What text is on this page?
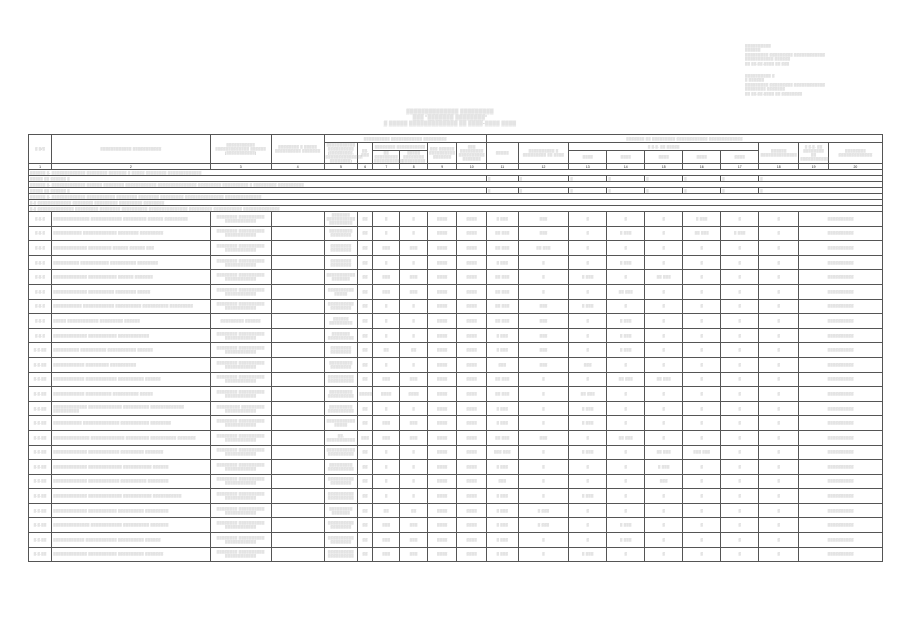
▒▒▒▒▒▒▒▒▒▒
▒▒▒▒▒▒
▒▒▒▒▒▒▒▒▒ ▒▒▒▒▒▒▒▒▒ ▒▒▒▒▒▒▒▒▒▒▒▒
▒▒▒▒▒▒▒▒▒▒▒ ▒▒▒▒▒▒
▒▒ ▒▒.▒▒.▒▒▒▒ ▒▒ ▒▒▒
▒▒▒▒▒▒▒▒▒▒ ▒
▒ ▒▒▒▒▒▒
▒▒▒▒▒▒▒▒▒ ▒▒▒▒▒▒▒▒▒ ▒▒▒▒▒▒▒▒▒▒▒▒
▒▒▒▒▒▒▒▒ ▒▒▒▒▒▒▒
▒▒ ▒▒.▒▒.▒▒▒▒ ▒▒ ▒▒▒▒▒▒▒▒
▒▒▒▒▒▒▒▒▒▒▒▒▒▒ ▒▒▒▒▒▒▒▒▒
▒▒▒ "▒▒▒▒▒▒▒ ▒▒▒▒▒▒▒▒"
▒ ▒▒▒▒▒ ▒▒▒▒▒▒▒▒▒▒▒▒▒ ▒▒ ▒▒▒▒-▒▒▒▒ ▒▒▒▒
▒ ▒/▒	▒▒▒▒▒▒▒▒▒▒▒▒ ▒▒▒▒▒▒▒▒▒▒▒	▒▒▒▒▒▒▒▒▒▒▒ ▒▒▒▒▒▒▒▒▒▒▒▒▒ ▒▒▒▒▒▒ (▒▒▒▒▒▒▒▒▒▒▒)	▒▒▒▒▒▒▒▒ ▒ ▒▒▒▒▒ ▒▒▒▒▒▒▒▒▒▒ ▒▒▒▒▒▒▒	▒▒▒▒▒▒▒▒▒▒ ▒▒▒▒▒▒▒▒▒▒▒▒ ▒▒▒▒▒▒▒▒▒						▒▒▒▒▒▒▒ ▒▒ ▒▒▒▒▒▒▒▒▒ ▒▒▒▒▒▒▒▒▒▒▒▒ ▒▒▒▒▒▒▒▒▒▒▒▒▒									
				▒▒▒▒▒▒▒▒▒▒▒ ▒▒▒▒▒▒▒▒▒▒ (▒▒▒▒▒▒▒▒▒, ▒▒▒▒▒▒▒▒▒▒▒▒▒▒, ▒▒▒▒▒▒▒▒)	▒▒. ▒▒▒	▒▒▒▒▒▒▒▒ ▒▒▒▒▒▒▒▒▒▒▒		▒▒▒ ▒▒▒▒▒▒ ▒▒▒▒▒▒▒▒▒▒ ▒▒▒▒▒▒▒	▒▒▒ ▒▒▒▒▒▒▒▒▒ ▒▒▒▒▒▒▒▒▒▒ ▒▒▒▒▒▒▒	▒▒▒▒▒	▒▒▒▒▒▒▒▒▒▒ ▒ ▒▒▒▒▒▒▒▒▒ ▒▒ ▒▒▒▒	▒ ▒.▒. ▒▒ ▒▒▒▒▒					▒▒▒▒▒▒ ▒▒▒▒▒▒▒▒▒▒▒▒▒▒	▒ ▒.▒. ▒▒ ▒▒▒▒▒▒▒▒ ▒▒ ▒▒▒▒▒▒▒▒▒▒▒	▒▒▒▒▒▒▒▒ ▒▒▒▒▒▒▒▒▒▒▒▒▒
						▒▒ ▒▒▒▒▒▒▒▒▒ ▒▒▒▒▒▒▒▒▒▒▒	▒▒▒▒▒ ▒▒▒▒▒▒▒▒ ▒▒▒▒▒▒▒▒▒					▒▒▒▒	▒▒▒▒	▒▒▒▒	▒▒▒▒	▒▒▒▒			
1	2	3	4	5	6	7	8	9	10	11	12	13	14	15	16	17	18	19	20
▒▒▒▒▒▒ ▒. ▒▒▒▒▒▒▒▒▒▒▒▒▒ ▒▒▒▒▒▒▒▒ ▒▒▒▒▒▒▒ ▒ ▒▒▒▒▒ ▒▒▒▒▒▒▒▒ ▒▒▒▒▒▒▒▒▒▒▒▒▒																			
▒▒▒▒▒ ▒▒ ▒▒▒▒▒▒ ▒										▒	▒	▒	▒	▒	▒	▒	▒		
▒▒▒▒▒▒ ▒. ▒▒▒▒▒▒▒▒▒▒▒▒▒ ▒▒▒▒▒▒ ▒▒▒▒▒▒▒▒ ▒▒▒▒▒▒▒▒▒▒▒▒ ▒▒▒▒▒▒▒▒▒▒▒▒▒▒▒ ▒▒▒▒▒▒▒▒▒ ▒▒▒▒▒▒▒▒▒▒ ▒ ▒▒▒▒▒▒▒▒▒ ▒▒▒▒▒▒▒▒▒▒																			
▒▒▒▒▒ ▒▒ ▒▒▒▒▒▒ ▒										▒	▒	▒	▒	▒	▒	▒	▒		
▒▒▒▒▒▒ ▒. ▒▒▒▒▒▒▒▒▒▒▒▒▒ ▒▒▒▒▒▒▒▒▒▒▒ ▒▒▒▒▒▒▒▒ ▒▒▒▒▒▒▒▒ ▒▒▒▒▒▒▒▒▒ ▒▒▒▒▒▒▒▒▒▒▒▒▒▒▒ ▒▒▒▒▒▒▒▒▒▒▒▒▒▒																			
▒.▒ ▒▒▒▒▒▒▒▒▒▒▒▒▒ ▒▒▒▒▒▒▒▒ ▒▒▒▒▒▒▒▒▒ ▒▒▒▒▒▒▒▒▒ ▒▒▒▒▒▒▒▒																			
▒.▒ ▒▒▒▒▒▒▒▒▒▒▒▒▒▒ ▒▒▒▒▒▒▒▒▒ ▒▒▒▒▒▒▒▒ ▒▒▒▒▒▒▒▒▒▒ ▒▒▒▒▒▒▒▒▒▒▒▒▒▒▒ ▒▒▒▒▒▒▒▒▒ ▒▒▒▒▒▒▒▒▒▒▒ ▒▒▒▒▒▒▒▒▒▒▒▒▒▒																			
▒.▒.▒	▒▒▒▒▒▒▒▒▒▒▒▒▒▒ ▒▒▒▒▒▒▒▒▒▒▒▒ ▒▒▒▒▒▒▒▒▒ ▒▒▒▒▒▒ ▒▒▒▒▒▒▒▒▒	▒▒▒▒▒▒▒▒ ▒▒▒▒▒▒▒▒▒▒ ▒▒▒▒▒▒▒▒▒▒▒▒		▒▒▒▒▒▒▒ ▒▒▒▒▒▒▒▒▒▒▒ ▒▒▒▒▒▒▒▒▒	▒▒	▒	▒	▒▒▒▒	▒▒▒▒	▒ ▒▒▒	▒▒▒	▒	▒	▒	▒ ▒▒▒	▒	▒	▒▒▒▒▒▒▒▒▒▒	
▒.▒.▒	▒▒▒▒▒▒▒▒▒▒▒ ▒▒▒▒▒▒▒▒▒▒▒▒▒ ▒▒▒▒▒▒▒▒ ▒▒▒▒▒▒▒▒▒	▒▒▒▒▒▒▒▒ ▒▒▒▒▒▒▒▒▒▒ ▒▒▒▒▒▒▒▒▒▒▒▒		▒▒▒▒▒▒▒▒▒ ▒▒▒▒▒▒▒▒	▒▒	▒	▒	▒▒▒▒	▒▒▒▒	▒▒ ▒▒▒	▒▒▒	▒	▒ ▒▒▒	▒	▒▒ ▒▒▒	▒ ▒▒▒	▒	▒▒▒▒▒▒▒▒▒▒	
▒.▒.▒	▒▒▒▒▒▒▒▒▒▒▒▒▒ ▒▒▒▒▒▒▒▒▒ ▒▒▒▒▒▒ ▒▒▒▒▒▒ ▒▒▒	▒▒▒▒▒▒▒▒ ▒▒▒▒▒▒▒▒▒▒ ▒▒▒▒▒▒▒▒▒▒▒▒		▒▒▒▒▒▒▒▒ ▒▒▒▒▒▒▒▒	▒▒	▒▒▒	▒▒▒	▒▒▒▒	▒▒▒▒	▒▒ ▒▒▒	▒▒ ▒▒▒	▒	▒	▒	▒	▒	▒	▒▒▒▒▒▒▒▒▒▒	
▒.▒.▒	▒▒▒▒▒▒▒▒▒▒ ▒▒▒▒▒▒▒▒▒▒▒ ▒▒▒▒▒▒▒▒▒▒ ▒▒▒▒▒▒▒▒	▒▒▒▒▒▒▒▒ ▒▒▒▒▒▒▒▒▒▒ ▒▒▒▒▒▒▒▒▒▒▒▒		▒▒▒▒▒▒▒▒ ▒▒▒▒▒▒▒▒	▒▒	▒	▒	▒▒▒▒	▒▒▒▒	▒ ▒▒▒	▒	▒	▒ ▒▒▒	▒	▒	▒	▒	▒▒▒▒▒▒▒▒▒▒	
▒.▒.▒	▒▒▒▒▒▒▒▒▒▒▒▒▒ ▒▒▒▒▒▒▒▒▒▒▒ ▒▒▒▒▒▒ ▒▒▒▒▒▒▒	▒▒▒▒▒▒▒▒ ▒▒▒▒▒▒▒▒▒▒ ▒▒▒▒▒▒▒▒▒▒▒▒		▒▒▒▒▒▒▒▒▒▒▒ ▒▒▒▒▒▒▒	▒▒	▒▒▒	▒▒▒	▒▒▒▒	▒▒▒▒	▒▒ ▒▒▒	▒	▒ ▒▒▒	▒	▒▒ ▒▒▒	▒	▒	▒	▒▒▒▒▒▒▒▒▒▒	
▒.▒.▒	▒▒▒▒▒▒▒▒▒▒▒▒▒ ▒▒▒▒▒▒▒▒▒▒ ▒▒▒▒▒▒▒▒ ▒▒▒▒▒	▒▒▒▒▒▒▒▒ ▒▒▒▒▒▒▒▒▒▒ ▒▒▒▒▒▒▒▒▒▒▒▒		▒▒▒▒▒▒▒▒▒▒ ▒▒▒▒▒	▒▒	▒▒▒	▒▒▒	▒▒▒▒	▒▒▒▒	▒▒ ▒▒▒	▒	▒	▒▒ ▒▒▒	▒	▒	▒	▒	▒▒▒▒▒▒▒▒▒▒	
▒.▒.▒	▒▒▒▒▒▒▒▒▒▒▒ ▒▒▒▒▒▒▒▒▒▒▒▒ ▒▒▒▒▒▒▒▒▒▒ ▒▒▒▒▒▒▒▒▒▒ ▒▒▒▒▒▒▒▒▒	▒▒▒▒▒▒▒▒ ▒▒▒▒▒▒▒▒▒▒ ▒▒▒▒▒▒▒▒▒▒▒▒		▒▒▒▒▒▒▒▒▒▒ ▒▒▒▒▒▒▒▒	▒▒	▒	▒	▒▒▒▒	▒▒▒▒	▒▒ ▒▒▒	▒▒▒	▒ ▒▒▒	▒	▒	▒	▒	▒	▒▒▒▒▒▒▒▒▒▒	
▒.▒.▒	▒▒▒▒▒ ▒▒▒▒▒▒▒▒▒▒▒▒ ▒▒▒▒▒▒▒▒▒ ▒▒▒▒▒▒	▒▒▒▒▒▒▒▒▒ ▒▒▒▒▒▒		▒▒▒▒▒▒ ▒▒▒▒▒▒▒▒▒	▒▒	▒	▒	▒▒▒▒	▒▒▒▒	▒▒ ▒▒▒	▒▒▒	▒	▒ ▒▒▒	▒	▒	▒	▒	▒▒▒▒▒▒▒▒▒▒	
▒.▒.▒	▒▒▒▒▒▒▒▒▒▒▒▒▒ ▒▒▒▒▒▒▒▒▒▒▒ ▒▒▒▒▒▒▒▒▒▒▒▒	▒▒▒▒▒▒▒▒ ▒▒▒▒▒▒▒▒▒▒ ▒▒▒▒▒▒▒▒▒▒▒▒		▒▒▒▒▒▒▒ ▒▒▒▒▒▒▒▒▒▒	▒▒	▒	▒	▒▒▒▒	▒▒▒▒	▒ ▒▒▒	▒▒▒	▒	▒ ▒▒▒	▒	▒	▒	▒	▒▒▒▒▒▒▒▒▒▒	
▒.▒.▒▒	▒▒▒▒▒▒▒▒▒▒ ▒▒▒▒▒▒▒▒▒▒ ▒▒▒▒▒▒▒▒▒▒▒ ▒▒▒▒▒▒	▒▒▒▒▒▒▒▒ ▒▒▒▒▒▒▒▒▒▒ ▒▒▒▒▒▒▒▒▒▒▒▒		▒▒▒▒▒▒▒▒ ▒▒▒▒▒▒▒▒	▒▒	▒▒	▒▒	▒▒▒▒	▒▒▒▒	▒ ▒▒▒	▒▒▒	▒	▒ ▒▒▒	▒	▒	▒	▒	▒▒▒▒▒▒▒▒▒▒	
▒.▒.▒▒	▒▒▒▒▒▒▒▒▒▒▒▒ ▒▒▒▒▒▒▒▒▒ ▒▒▒▒▒▒▒▒▒▒	▒▒▒▒▒▒▒▒ ▒▒▒▒▒▒▒▒▒▒ ▒▒▒▒▒▒▒▒▒▒▒▒		▒▒▒▒▒▒▒▒▒ ▒▒▒▒▒▒▒▒	▒▒	▒	▒	▒▒▒▒	▒▒▒▒	▒▒▒	▒▒▒	▒▒▒	▒	▒	▒	▒	▒	▒▒▒▒▒▒▒▒▒▒	
▒.▒.▒▒	▒▒▒▒▒▒▒▒▒▒▒▒ ▒▒▒▒▒▒▒▒▒▒▒▒ ▒▒▒▒▒▒▒▒▒▒ ▒▒▒▒▒▒	▒▒▒▒▒▒▒▒ ▒▒▒▒▒▒▒▒▒▒ ▒▒▒▒▒▒▒▒▒▒▒▒		▒▒▒▒▒▒▒▒▒▒ ▒▒▒▒▒▒▒▒▒▒	▒▒	▒▒▒	▒▒▒	▒▒▒▒	▒▒▒▒	▒▒ ▒▒▒	▒	▒	▒▒ ▒▒▒	▒▒ ▒▒▒	▒	▒	▒	▒▒▒▒▒▒▒▒▒▒	
▒.▒.▒▒	▒▒▒▒▒▒▒▒▒▒▒▒ ▒▒▒▒▒▒▒▒▒▒ ▒▒▒▒▒▒▒▒▒▒ ▒▒▒▒▒	▒▒▒▒▒▒▒▒ ▒▒▒▒▒▒▒▒▒▒ ▒▒▒▒▒▒▒▒▒▒▒▒		▒▒▒▒▒▒▒▒▒ ▒▒▒▒▒▒▒▒▒▒	▒▒▒▒▒	▒▒▒▒	▒▒▒▒	▒▒▒▒	▒▒▒▒	▒▒ ▒▒▒	▒	▒▒ ▒▒▒	▒	▒	▒	▒	▒	▒▒▒▒▒▒▒▒▒▒	
▒.▒.▒▒	▒▒▒▒▒▒▒▒▒▒▒▒▒ ▒▒▒▒▒▒▒▒▒▒▒▒▒ ▒▒▒▒▒▒▒▒▒▒ ▒▒▒▒▒▒▒▒▒▒▒▒▒ ▒▒▒▒▒▒▒▒▒▒	▒▒▒▒▒▒▒▒▒ ▒▒▒▒▒▒▒▒▒ ▒▒▒▒▒▒▒▒▒▒▒▒		▒▒▒▒▒▒▒▒▒ ▒▒▒▒▒▒▒▒▒▒	▒▒	▒	▒	▒▒▒▒	▒▒▒▒	▒ ▒▒▒	▒	▒ ▒▒▒	▒	▒	▒	▒	▒	▒▒▒▒▒▒▒▒▒▒	
▒.▒.▒▒	▒▒▒▒▒▒▒▒▒▒▒ ▒▒▒▒▒▒▒▒▒▒▒▒▒▒ ▒▒▒▒▒▒▒▒▒▒▒ ▒▒▒▒▒▒▒▒	▒▒▒▒▒▒▒▒ ▒▒▒▒▒▒▒▒▒▒ ▒▒▒▒▒▒▒▒▒▒▒▒		▒▒▒▒▒▒▒▒▒▒▒ ▒▒▒▒▒	▒▒	▒▒▒	▒▒▒	▒▒▒▒	▒▒▒▒	▒ ▒▒▒	▒	▒ ▒▒▒	▒	▒	▒	▒	▒	▒▒▒▒▒▒▒▒▒▒	
▒.▒.▒▒	▒▒▒▒▒▒▒▒▒▒▒▒▒▒ ▒▒▒▒▒▒▒▒▒▒▒▒▒ ▒▒▒▒▒▒▒▒▒ ▒▒▒▒▒▒▒▒▒▒ ▒▒▒▒▒▒▒	▒▒▒▒▒▒▒▒ ▒▒▒▒▒▒▒▒▒▒ ▒▒▒▒▒▒▒▒▒▒▒▒		▒▒, ▒▒▒▒▒▒▒▒▒▒▒	▒▒▒	▒▒▒	▒▒▒	▒▒▒▒	▒▒▒▒	▒▒ ▒▒▒	▒▒▒	▒	▒▒ ▒▒▒	▒	▒	▒	▒	▒▒▒▒▒▒▒▒▒▒	
▒.▒.▒▒	▒▒▒▒▒▒▒▒▒▒▒▒▒ ▒▒▒▒▒▒▒▒▒▒▒▒ ▒▒▒▒▒▒▒▒▒ ▒▒▒▒▒▒▒	▒▒▒▒▒▒▒▒ ▒▒▒▒▒▒▒▒▒▒ ▒▒▒▒▒▒▒▒▒▒▒▒		▒▒▒▒▒▒▒▒▒▒▒ ▒▒▒▒▒▒▒▒▒▒	▒▒	▒	▒	▒▒▒▒	▒▒▒▒	▒▒▒ ▒▒▒	▒	▒ ▒▒▒	▒	▒▒ ▒▒▒	▒▒▒ ▒▒▒	▒	▒	▒▒▒▒▒▒▒▒▒▒	
▒.▒.▒▒	▒▒▒▒▒▒▒▒▒▒▒▒▒ ▒▒▒▒▒▒▒▒▒▒▒▒▒ ▒▒▒▒▒▒▒▒▒▒▒ ▒▒▒▒▒▒	▒▒▒▒▒▒▒▒ ▒▒▒▒▒▒▒▒▒▒ ▒▒▒▒▒▒▒▒▒▒▒▒		▒▒▒▒▒▒▒▒▒ ▒▒▒▒▒▒▒▒▒▒	▒▒	▒	▒	▒▒▒▒	▒▒▒▒	▒ ▒▒▒	▒	▒	▒	▒ ▒▒▒	▒	▒	▒	▒▒▒▒▒▒▒▒▒▒	
▒.▒.▒▒	▒▒▒▒▒▒▒▒▒▒▒▒▒ ▒▒▒▒▒▒▒▒▒▒▒▒ ▒▒▒▒▒▒▒▒▒▒ ▒▒▒▒▒▒▒▒	▒▒▒▒▒▒▒▒ ▒▒▒▒▒▒▒▒▒▒ ▒▒▒▒▒▒▒▒▒▒▒▒		▒▒▒▒▒▒▒▒▒▒ ▒▒▒▒▒▒▒▒	▒▒	▒	▒	▒▒▒▒	▒▒▒▒	▒▒▒	▒	▒	▒	▒▒▒	▒	▒	▒	▒▒▒▒▒▒▒▒▒▒	
▒.▒.▒▒	▒▒▒▒▒▒▒▒▒▒▒▒▒ ▒▒▒▒▒▒▒▒▒▒▒▒▒ ▒▒▒▒▒▒▒▒▒▒▒ ▒▒▒▒▒▒▒▒▒▒▒	▒▒▒▒▒▒▒▒ ▒▒▒▒▒▒▒▒▒▒ ▒▒▒▒▒▒▒▒▒▒▒▒		▒▒▒▒▒▒▒▒▒▒ ▒▒▒▒▒▒▒▒▒▒	▒▒	▒	▒	▒▒▒▒	▒▒▒▒	▒ ▒▒▒	▒	▒ ▒▒▒	▒	▒	▒	▒	▒	▒▒▒▒▒▒▒▒▒▒	
▒.▒.▒▒	▒▒▒▒▒▒▒▒▒▒▒▒▒ ▒▒▒▒▒▒▒▒▒▒▒ ▒▒▒▒▒▒▒▒▒▒ ▒▒▒▒▒▒▒▒▒	▒▒▒▒▒▒▒▒ ▒▒▒▒▒▒▒▒▒▒ ▒▒▒▒▒▒▒▒▒▒▒▒		▒▒▒▒▒▒▒▒▒ ▒▒▒▒▒▒▒	▒▒	▒▒	▒▒	▒▒▒▒	▒▒▒▒	▒ ▒▒▒	▒ ▒▒▒	▒	▒	▒	▒	▒	▒	▒▒▒▒▒▒▒▒▒▒	
▒.▒.▒▒	▒▒▒▒▒▒▒▒▒▒▒▒▒▒ ▒▒▒▒▒▒▒▒▒▒▒▒ ▒▒▒▒▒▒▒▒▒▒ ▒▒▒▒▒▒▒	▒▒▒▒▒▒▒▒ ▒▒▒▒▒▒▒▒▒▒ ▒▒▒▒▒▒▒▒▒▒▒▒		▒▒▒▒▒▒▒▒▒▒ ▒▒▒▒▒▒▒▒	▒▒	▒▒▒	▒▒▒	▒▒▒▒	▒▒▒▒	▒ ▒▒▒	▒ ▒▒▒	▒	▒ ▒▒▒	▒	▒	▒	▒	▒▒▒▒▒▒▒▒▒▒	
▒.▒.▒▒	▒▒▒▒▒▒▒▒▒▒▒▒ ▒▒▒▒▒▒▒▒▒▒▒▒ ▒▒▒▒▒▒▒▒▒▒ ▒▒▒▒▒▒	▒▒▒▒▒▒▒▒ ▒▒▒▒▒▒▒▒▒▒ ▒▒▒▒▒▒▒▒▒▒▒▒		▒▒▒▒▒▒▒▒▒▒ ▒▒▒▒▒▒▒▒	▒▒	▒▒▒	▒▒▒	▒▒▒▒	▒▒▒▒	▒ ▒▒▒	▒	▒	▒ ▒▒▒	▒	▒	▒	▒	▒▒▒▒▒▒▒▒▒▒	
▒.▒.▒▒	▒▒▒▒▒▒▒▒▒▒▒▒▒ ▒▒▒▒▒▒▒▒▒▒▒ ▒▒▒▒▒▒▒▒▒▒ ▒▒▒▒▒▒▒	▒▒▒▒▒▒▒▒ ▒▒▒▒▒▒▒▒▒▒ ▒▒▒▒▒▒▒▒▒▒▒▒		▒▒▒▒▒▒▒▒▒▒ ▒▒▒▒▒▒▒▒▒▒	▒▒	▒▒▒	▒▒▒	▒▒▒▒	▒▒▒▒	▒ ▒▒▒	▒	▒ ▒▒▒	▒	▒	▒	▒	▒	▒▒▒▒▒▒▒▒▒▒	
